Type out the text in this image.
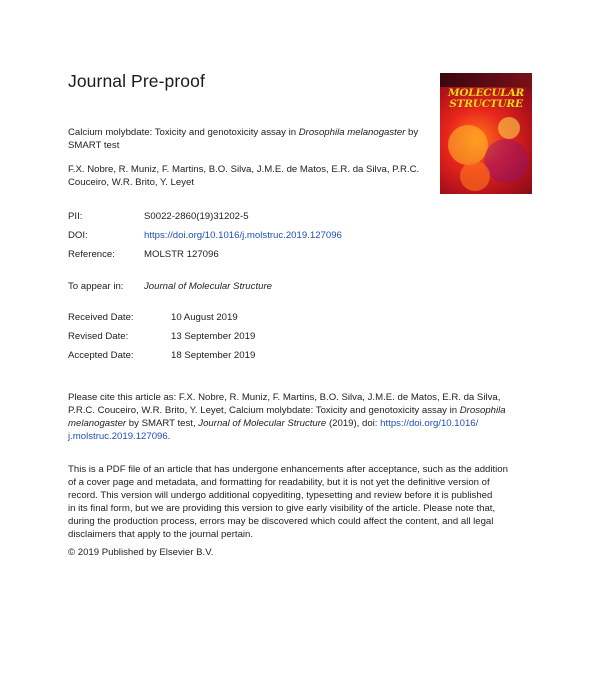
Journal Pre-proof
MOLECULAR
STRUCTURE
Calcium molybdate: Toxicity and genotoxicity assay in Drosophila melanogaster by SMART test
F.X. Nobre, R. Muniz, F. Martins, B.O. Silva, J.M.E. de Matos, E.R. da Silva, P.R.C.
Couceiro, W.R. Brito, Y. Leyet
PII:	S0022-2860(19)31202-5
DOI:	https://doi.org/10.1016/j.molstruc.2019.127096
Reference:	MOLSTR 127096
To appear in: Journal of Molecular Structure
Received Date:	10 August 2019
Revised Date:	13 September 2019
Accepted Date:	18 September 2019
Please cite this article as: F.X. Nobre, R. Muniz, F. Martins, B.O. Silva, J.M.E. de Matos, E.R. da Silva,
P.R.C. Couceiro, W.R. Brito, Y. Leyet, Calcium molybdate: Toxicity and genotoxicity assay in Drosophila
melanogaster by SMART test, Journal of Molecular Structure (2019), doi: https://doi.org/10.1016/
j.molstruc.2019.127096.
This is a PDF file of an article that has undergone enhancements after acceptance, such as the addition
of a cover page and metadata, and formatting for readability, but it is not yet the definitive version of
record. This version will undergo additional copyediting, typesetting and review before it is published
in its final form, but we are providing this version to give early visibility of the article. Please note that,
during the production process, errors may be discovered which could affect the content, and all legal
disclaimers that apply to the journal pertain.
© 2019 Published by Elsevier B.V.
